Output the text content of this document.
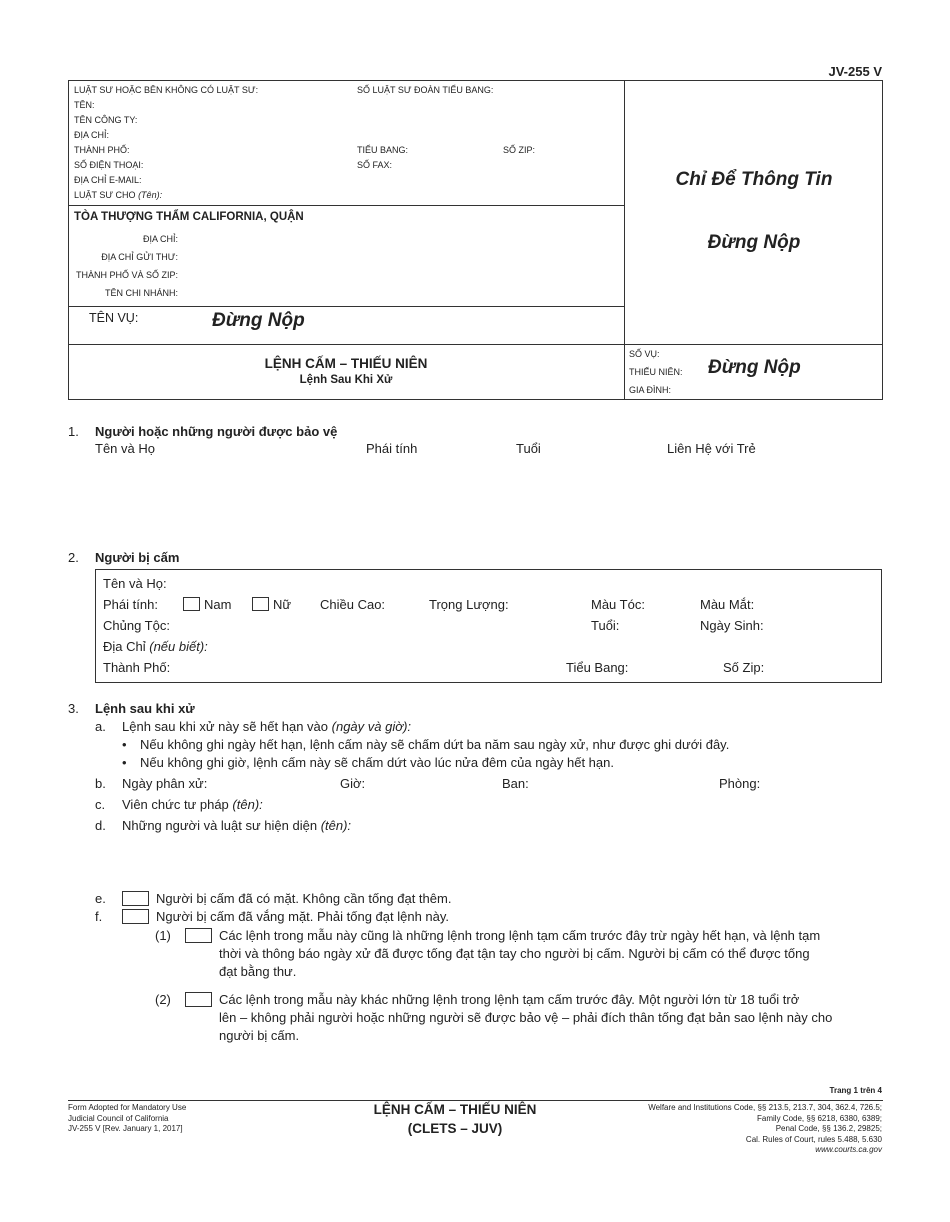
JV-255 V
LUẬT SƯ HOẶC BÊN KHÔNG CÓ LUẬT SƯ:	SỐ LUẬT SƯ ĐOÀN TIỂU BANG:
TÊN:
TÊN CÔNG TY:
ĐỊA CHỈ:
THÀNH PHỐ:	TIỂU BANG:	SỐ ZIP:
SỐ ĐIỆN THOẠI:	SỐ FAX:
ĐỊA CHỈ E-MAIL:
LUẬT SƯ CHO (Tên):
TÒA THƯỢNG THẨM CALIFORNIA, QUẬN
ĐỊA CHỈ:
ĐỊA CHỈ GỬI THƯ:
THÀNH PHỐ VÀ SỐ ZIP:
TÊN CHI NHÁNH:
TÊN VỤ:	Đừng Nộp
Chỉ Để Thông Tin
Đừng Nộp
LỆNH CẤM – THIẾU NIÊN
Lệnh Sau Khi Xử
SỐ VỤ:
THIẾU NIÊN:
GIA ĐÌNH:
Đừng Nộp
1. Người hoặc những người được bảo vệ
Tên và Họ	Phái tính	Tuổi	Liên Hệ với Trẻ
2. Người bị cấm
Tên và Họ:
Phái tính:	Nam	Nữ Chiều Cao:	Trọng Lượng:	Màu Tóc:	Màu Mắt:
Chủng Tộc:	Tuổi:	Ngày Sinh:
Địa Chỉ (nếu biết):
Thành Phố:	Tiểu Bang:	Số Zip:
3. Lệnh sau khi xử
a. Lệnh sau khi xử này sẽ hết hạn vào (ngày và giờ):
• Nếu không ghi ngày hết hạn, lệnh cấm này sẽ chấm dứt ba năm sau ngày xử, như được ghi dưới đây.
• Nếu không ghi giờ, lệnh cấm này sẽ chấm dứt vào lúc nửa đêm của ngày hết hạn.
b. Ngày phân xử:	Giờ:	Ban:	Phòng:
c. Viên chức tư pháp (tên):
d. Những người và luật sư hiện diện (tên):
e.	Người bị cấm đã có mặt. Không cần tống đạt thêm.
f.	Người bị cấm đã vắng mặt. Phải tống đạt lệnh này.
(1)	Các lệnh trong mẫu này cũng là những lệnh trong lệnh tạm cấm trước đây trừ ngày hết hạn, và lệnh tạm
thời và thông báo ngày xử đã được tống đạt tận tay cho người bị cấm. Người bị cấm có thể được tống
đạt bằng thư.
(2)	Các lệnh trong mẫu này khác những lệnh trong lệnh tạm cấm trước đây. Một người lớn từ 18 tuổi trở
lên – không phải người hoặc những người sẽ được bảo vệ – phải đích thân tống đạt bản sao lệnh này cho
người bị cấm.
Trang 1 trên 4
Form Adopted for Mandatory Use
Judicial Council of California
JV-255 V [Rev. January 1, 2017]
LỆNH CẤM – THIẾU NIÊN
(CLETS – JUV)
Welfare and Institutions Code, §§ 213.5, 213.7, 304, 362.4, 726.5;
Family Code, §§ 6218, 6380, 6389;
Penal Code, §§ 136.2, 29825;
Cal. Rules of Court, rules 5.488, 5.630
www.courts.ca.gov
